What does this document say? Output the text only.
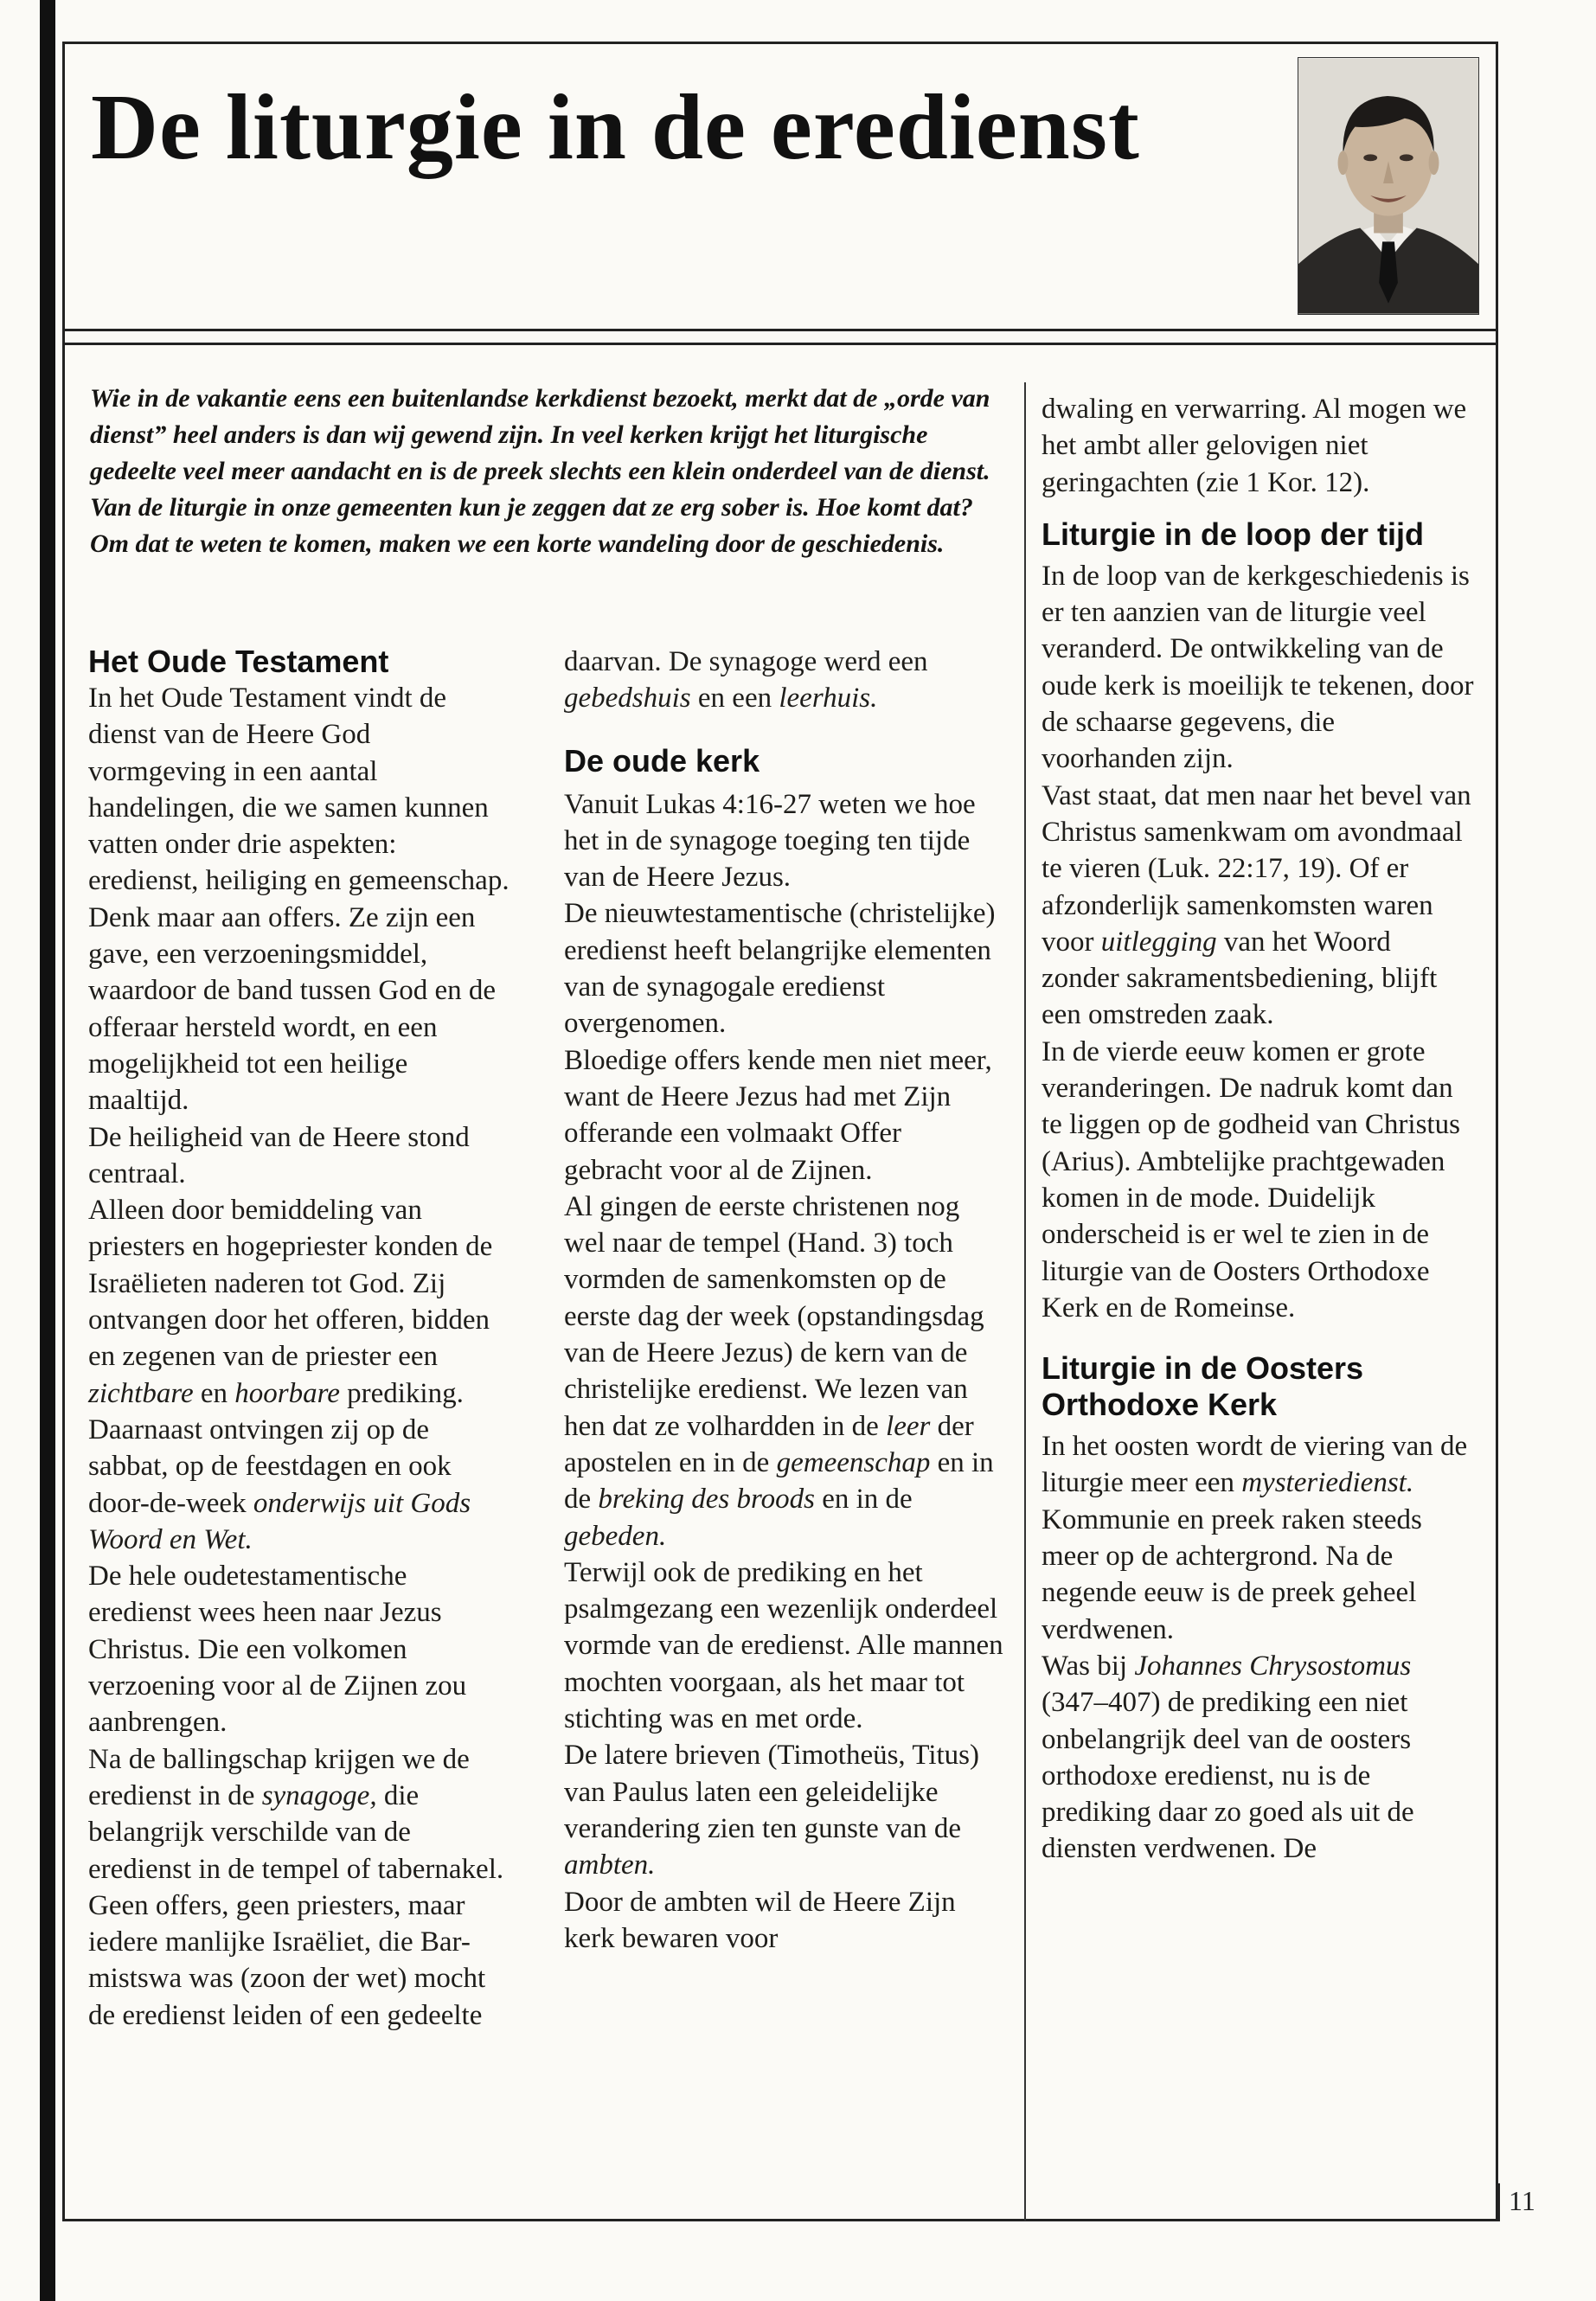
De liturgie in de eredienst

Wie in de vakantie eens een buitenlandse kerkdienst bezoekt, merkt dat de „orde van dienst” heel anders is dan wij gewend zijn. In veel kerken krijgt het liturgische gedeelte veel meer aandacht en is de preek slechts een klein onderdeel van de dienst. Van de liturgie in onze gemeenten kun je zeggen dat ze erg sober is. Hoe komt dat? Om dat te weten te komen, maken we een korte wandeling door de geschiedenis.

Het Oude Testament

In het Oude Testament vindt de dienst van de Heere God vormgeving in een aantal handelingen, die we samen kunnen vatten onder drie aspekten: eredienst, heiliging en gemeenschap. Denk maar aan offers. Ze zijn een gave, een verzoeningsmiddel, waardoor de band tussen God en de offeraar hersteld wordt, en een mogelijkheid tot een heilige maaltijd.

De heiligheid van de Heere stond centraal.

Alleen door bemiddeling van priesters en hogepriester konden de Israëlieten naderen tot God. Zij ontvangen door het offeren, bidden en zegenen van de priester een zichtbare en hoorbare prediking.

Daarnaast ontvingen zij op de sabbat, op de feestdagen en ook door-de-week onderwijs uit Gods Woord en Wet.

De hele oudetestamentische eredienst wees heen naar Jezus Christus. Die een volkomen verzoening voor al de Zijnen zou aanbrengen.

Na de ballingschap krijgen we de eredienst in de synagoge, die belangrijk verschilde van de eredienst in de tempel of tabernakel.

Geen offers, geen priesters, maar iedere manlijke Israëliet, die Bar-mistswa was (zoon der wet) mocht de eredienst leiden of een gedeelte

daarvan. De synagoge werd een gebedshuis en een leerhuis.

De oude kerk

Vanuit Lukas 4:16-27 weten we hoe het in de synagoge toeging ten tijde van de Heere Jezus.

De nieuwtestamentische (christelijke) eredienst heeft belangrijke elementen van de synagogale eredienst overgenomen.

Bloedige offers kende men niet meer, want de Heere Jezus had met Zijn offerande een volmaakt Offer gebracht voor al de Zijnen.

Al gingen de eerste christenen nog wel naar de tempel (Hand. 3) toch vormden de samenkomsten op de eerste dag der week (opstandingsdag van de Heere Jezus) de kern van de christelijke eredienst. We lezen van hen dat ze volhardden in de leer der apostelen en in de gemeenschap en in de breking des broods en in de gebeden.

Terwijl ook de prediking en het psalmgezang een wezenlijk onderdeel vormde van de eredienst. Alle mannen mochten voorgaan, als het maar tot stichting was en met orde.

De latere brieven (Timotheüs, Titus) van Paulus laten een geleidelijke verandering zien ten gunste van de ambten.

Door de ambten wil de Heere Zijn kerk bewaren voor

dwaling en verwarring. Al mogen we het ambt aller gelovigen niet geringachten (zie 1 Kor. 12).

Liturgie in de loop der tijd

In de loop van de kerkgeschiedenis is er ten aanzien van de liturgie veel veranderd. De ontwikkeling van de oude kerk is moeilijk te tekenen, door de schaarse gegevens, die voorhanden zijn.

Vast staat, dat men naar het bevel van Christus samenkwam om avondmaal te vieren (Luk. 22:17, 19). Of er afzonderlijk samenkomsten waren voor uitlegging van het Woord zonder sakramentsbediening, blijft een omstreden zaak.

In de vierde eeuw komen er grote veranderingen. De nadruk komt dan te liggen op de godheid van Christus (Arius). Ambtelijke prachtgewaden komen in de mode. Duidelijk onderscheid is er wel te zien in de liturgie van de Oosters Orthodoxe Kerk en de Romeinse.

Liturgie in de Oosters
Orthodoxe Kerk

In het oosten wordt de viering van de liturgie meer een mysteriedienst. Kommunie en preek raken steeds meer op de achtergrond. Na de negende eeuw is de preek geheel verdwenen.

Was bij Johannes Chrysostomus (347–407) de prediking een niet onbelangrijk deel van de oosters orthodoxe eredienst, nu is de prediking daar zo goed als uit de diensten verdwenen. De

11
